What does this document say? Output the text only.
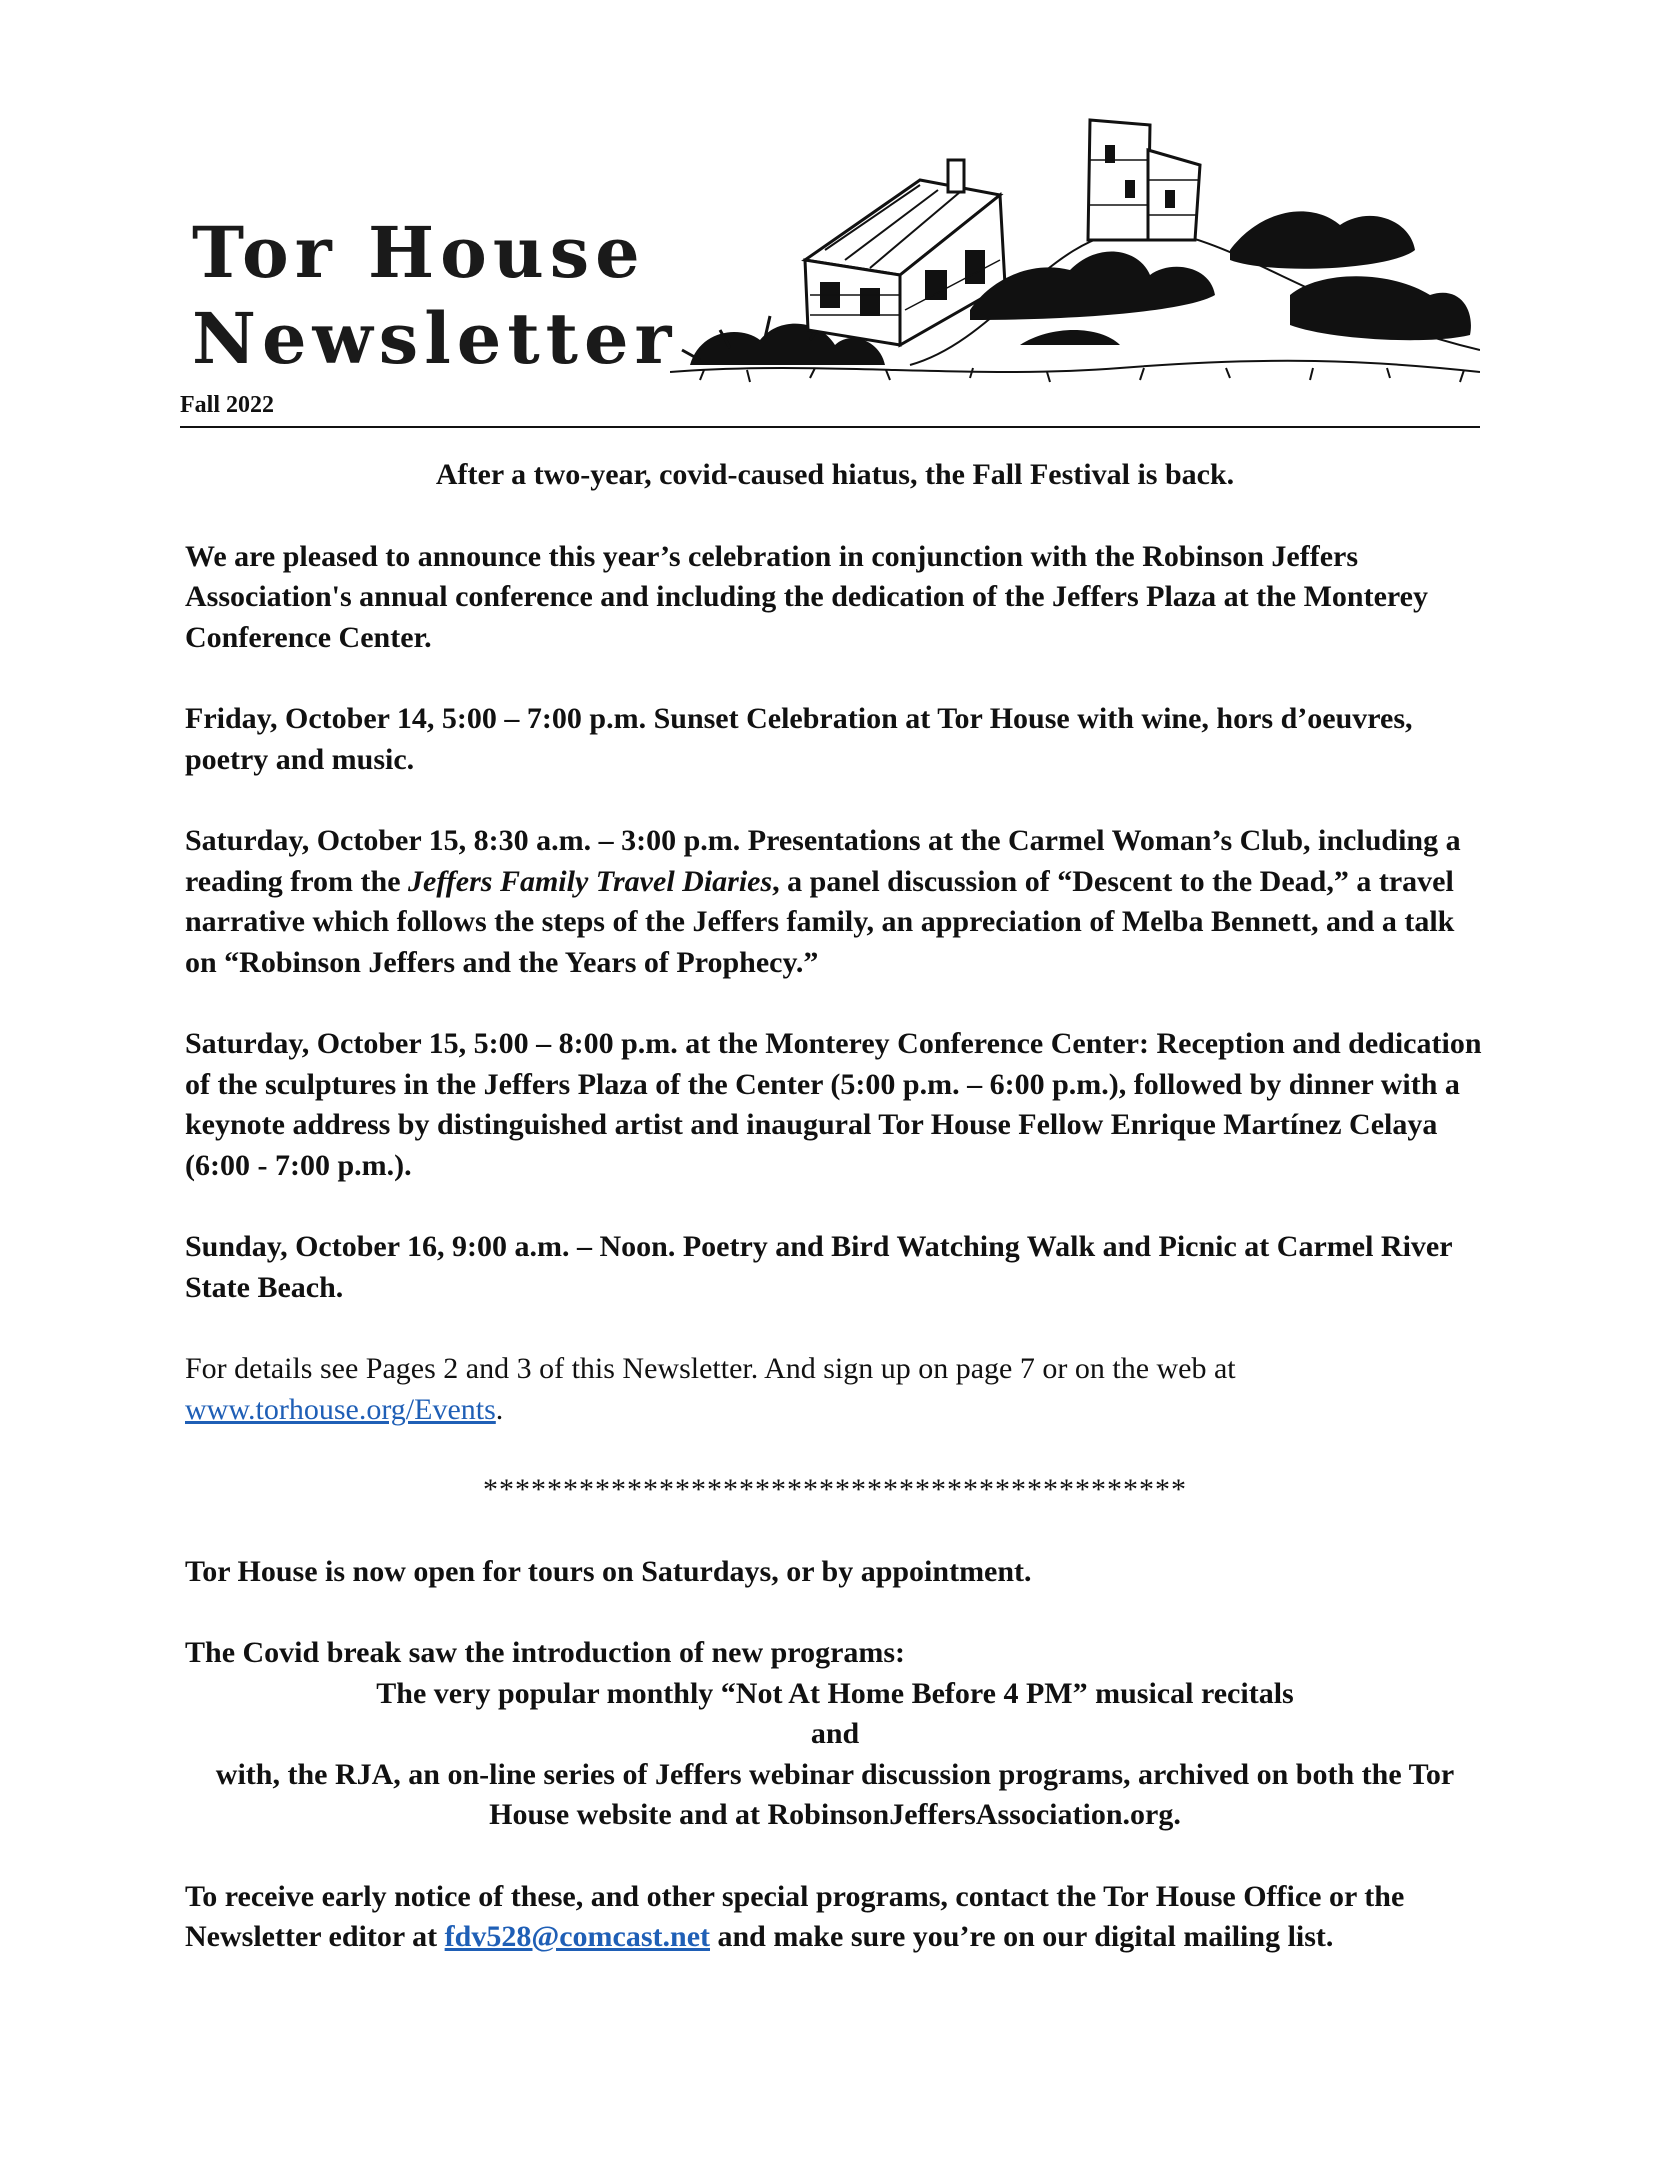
Tor House
Newsletter
Fall 2022

After a two-year, covid-caused hiatus, the Fall Festival is back.

We are pleased to announce this year’s celebration in conjunction with the Robinson Jeffers Association's annual conference and including the dedication of the Jeffers Plaza at the Monterey Conference Center.

Friday, October 14, 5:00 – 7:00 p.m. Sunset Celebration at Tor House with wine, hors d’oeuvres, poetry and music.

Saturday, October 15, 8:30 a.m. – 3:00 p.m. Presentations at the Carmel Woman’s Club, including a reading from the Jeffers Family Travel Diaries, a panel discussion of “Descent to the Dead,” a travel narrative which follows the steps of the Jeffers family, an appreciation of Melba Bennett, and a talk on “Robinson Jeffers and the Years of Prophecy.”

Saturday, October 15, 5:00 – 8:00 p.m. at the Monterey Conference Center: Reception and dedication of the sculptures in the Jeffers Plaza of the Center (5:00 p.m. – 6:00 p.m.), followed by dinner with a keynote address by distinguished artist and inaugural Tor House Fellow Enrique Martínez Celaya (6:00 - 7:00 p.m.).

Sunday, October 16, 9:00 a.m. – Noon. Poetry and Bird Watching Walk and Picnic at Carmel River State Beach.

For details see Pages 2 and 3 of this Newsletter. And sign up on page 7 or on the web at www.torhouse.org/Events.

********************************************

Tor House is now open for tours on Saturdays, or by appointment.

The Covid break saw the introduction of new programs:

The very popular monthly “Not At Home Before 4 PM” musical recitals

and

with, the RJA, an on-line series of Jeffers webinar discussion programs, archived on both the Tor House website and at RobinsonJeffersAssociation.org.

To receive early notice of these, and other special programs, contact the Tor House Office or the Newsletter editor at fdv528@comcast.net and make sure you’re on our digital mailing list.
